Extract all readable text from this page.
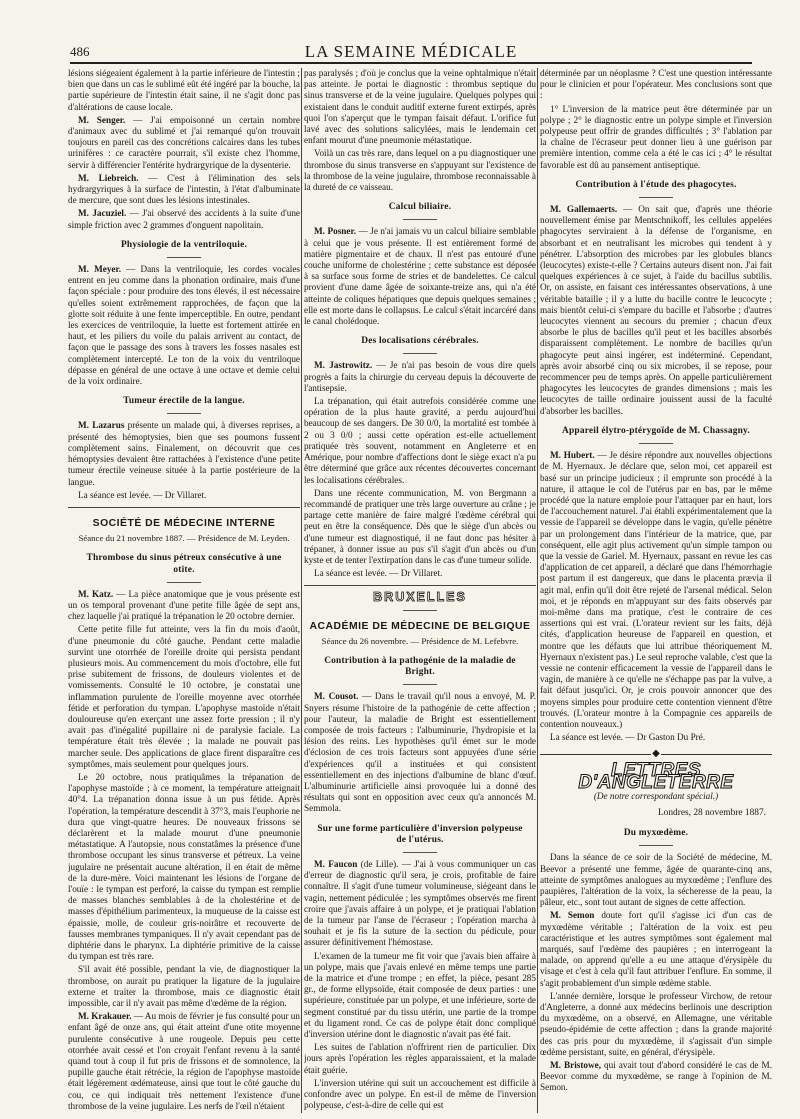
486	LA SEMAINE MÉDICALE

lésions siégeaient également à la partie inférieure de l'intestin ; bien que dans un cas le sublimé eût été ingéré par la bouche, la partie supérieure de l'intestin était saine, il ne s'agit donc pas d'altérations de cause locale.

M. Senger. — J'ai empoisonné un certain nombre d'animaux avec du sublimé et j'ai remarqué qu'on trouvait toujours en pareil cas des concrétions calcaires dans les tubes urinifères : ce caractère pourrait, s'il existe chez l'homme, servir à différencier l'entérite hydrargyrique de la dysenterie.

M. Liebreich. — C'est à l'élimination des sels hydrargyriques à la surface de l'intestin, à l'état d'albuminate de mercure, que sont dues les lésions intestinales.

M. Jacuziel. — J'ai observé des accidents à la suite d'une simple friction avec 2 grammes d'onguent napolitain.

Physiologie de la ventriloquie.

M. Meyer. — Dans la ventriloquie, les cordes vocales entrent en jeu comme dans la phonation ordinaire, mais d'une façon spéciale : pour produire des tons élevés, il est nécessaire qu'elles soient extrêmement rapprochées, de façon que la glotte soit réduite à une fente imperceptible. En outre, pendant les exercices de ventriloquie, la luette est fortement attirée en haut, et les piliers du voile du palais arrivent au contact, de façon que le passage des sons à travers les fosses nasales est complètement intercepté. Le ton de la voix du ventriloque dépasse en général de une octave à une octave et demie celui de la voix ordinaire.

Tumeur érectile de la langue.

M. Lazarus présente un malade qui, à diverses reprises, a présenté des hémoptysies, bien que ses poumons fussent complètement sains. Finalement, on découvrit que ces hémoptysies devaient être rattachées à l'existence d'une petite tumeur érectile veineuse située à la partie postérieure de la langue.

La séance est levée. — Dr Villaret.

SOCIÉTÉ DE MÉDECINE INTERNE
Séance du 21 novembre 1887. — Présidence de M. Leyden.
Thrombose du sinus pétreux consécutive à une otite.

M. Katz. — La pièce anatomique que je vous présente est un os temporal provenant d'une petite fille âgée de sept ans, chez laquelle j'ai pratiqué la trépanation le 20 octobre dernier.

Cette petite fille fut atteinte, vers la fin du mois d'août, d'une pneumonie du côté gauche. Pendant cette maladie survint une otorrhée de l'oreille droite qui persista pendant plusieurs mois. Au commencement du mois d'octobre, elle fut prise subitement de frissons, de douleurs violentes et de vomissements. Consulté le 10 octobre, je constatai une inflammation purulente de l'oreille moyenne avec otorrhée fétide et perforation du tympan. L'apophyse mastoïde n'était douloureuse qu'en exerçant une assez forte pression ; il n'y avait pas d'inégalité pupillaire ni de paralysie faciale. La température était très élevée ; la malade ne pouvait pas marcher seule. Des applications de glace firent disparaître ces symptômes, mais seulement pour quelques jours.

Le 20 octobre, nous pratiquâmes la trépanation de l'apophyse mastoïde ; à ce moment, la température atteignait 40°4. La trépanation donna issue à un pus fétide. Après l'opération, la température descendit à 37°3, mais l'euphorie ne dura que vingt-quatre heures. De nouveaux frissons se déclarèrent et la malade mourut d'une pneumonie métastatique. A l'autopsie, nous constatâmes la présence d'une thrombose occupant les sinus transverse et pétreux. La veine jugulaire ne présentait aucune altération, il en était de même de la dure-mère. Voici maintenant les lésions de l'organe de l'ouïe : le tympan est perforé, la caisse du tympan est remplie de masses blanches semblables à de la cholestérine et de masses d'épithélium parimenteux, la muqueuse de la caisse est épaissie, molle, de couleur gris-noirâtre et recouverte de fausses membranes tympaniques. Il n'y avait cependant pas de diphtérie dans le pharynx. La diphtérie primitive de la caisse du tympan est très rare.

S'il avait été possible, pendant la vie, de diagnostiquer la thrombose, on aurait pu pratiquer la ligature de la jugulaire externe et traiter la thrombose, mais ce diagnostic était impossible, car il n'y avait pas même d'œdème de la région.

M. Krakauer. — Au mois de février je fus consulté pour un enfant âgé de onze ans, qui était atteint d'une otite moyenne purulente consécutive à une rougeole. Depuis peu cette otorrhée avait cessé et l'on croyait l'enfant revenu à la santé quand tout à coup il fut pris de frissons et de somnolence, la pupille gauche était rétrécie, la région de l'apophyse mastoïde était légèrement œdémateuse, ainsi que tout le côté gauche du cou, ce qui indiquait très nettement l'existence d'une thrombose de la veine jugulaire. Les nerfs de l'œil n'étaient

pas paralysés ; d'où je conclus que la veine ophtalmique n'était pas atteinte. Je portai le diagnostic : thrombus septique du sinus transverse et de la veine jugulaire. Quelques polypes qui existaient dans le conduit auditif externe furent extirpés, après quoi l'on s'aperçut que le tympan faisait défaut. L'orifice fut lavé avec des solutions salicylées, mais le lendemain cet enfant mourut d'une pneumonie métastatique.

Voilà un cas très rare, dans lequel on a pu diagnostiquer une thrombose du sinus transverse en s'appuyant sur l'existence de la thrombose de la veine jugulaire, thrombose reconnaissable à la dureté de ce vaisseau.

Calcul biliaire.

M. Posner. — Je n'ai jamais vu un calcul biliaire semblable à celui que je vous présente. Il est entièrement formé de matière pigmentaire et de chaux. Il n'est pas entouré d'une couche uniforme de cholestérine ; cette substance est déposée à sa surface sous forme de stries et de bandelettes. Ce calcul provient d'une dame âgée de soixante-treize ans, qui n'a été atteinte de coliques hépatiques que depuis quelques semaines ; elle est morte dans le collapsus. Le calcul s'était incarcéré dans le canal cholédoque.

Des localisations cérébrales.

M. Jastrowitz. — Je n'ai pas besoin de vous dire quels progrès a faits la chirurgie du cerveau depuis la découverte de l'antisepsie.

La trépanation, qui était autrefois considérée comme une opération de la plus haute gravité, a perdu aujourd'hui beaucoup de ses dangers. De 30 0/0, la mortalité est tombée à 2 ou 3 0/0 ; aussi cette opération est-elle actuellement pratiquée très souvent, notamment en Angleterre et en Amérique, pour nombre d'affections dont le siège exact n'a pu être déterminé que grâce aux récentes découvertes concernant les localisations cérébrales.

Dans une récente communication, M. von Bergmann a recommandé de pratiquer une très large ouverture au crâne ; je partage cette manière de faire malgré l'œdème cérébral qui peut en être la conséquence. Dès que le siège d'un abcès ou d'une tumeur est diagnostiqué, il ne faut donc pas hésiter à trépaner, à donner issue au pus s'il s'agit d'un abcès ou d'un kyste et de tenter l'extirpation dans le cas d'une tumeur solide.

La séance est levée. — Dr Villaret.

BRUXELLES
ACADÉMIE DE MÉDECINE DE BELGIQUE
Séance du 26 novembre. — Présidence de M. Lefebvre.
Contribution à la pathogénie de la maladie de Bright.

M. Cousot. — Dans le travail qu'il nous a envoyé, M. P. Snyers résume l'histoire de la pathogénie de cette affection ; pour l'auteur, la maladie de Bright est essentiellement composée de trois facteurs : l'albuminurie, l'hydropisie et la lésion des reins. Les hypothèses qu'il émet sur le mode d'éclosion de ces trois facteurs sont appuyées d'une série d'expériences qu'il a instituées et qui consistent essentiellement en des injections d'albumine de blanc d'œuf. L'albuminurie artificielle ainsi provoquée lui a donné des résultats qui sont en opposition avec ceux qu'a annoncés M. Semmola.

Sur une forme particulière d'inversion polypeuse de l'utérus.

M. Faucon (de Lille). — J'ai à vous communiquer un cas d'erreur de diagnostic qu'il sera, je crois, profitable de faire connaître. Il s'agit d'une tumeur volumineuse, siégeant dans le vagin, nettement pédiculée ; les symptômes observés me firent croire que j'avais affaire à un polype, et je pratiquai l'ablation de la tumeur par l'anse de l'écraseur ; l'opération marcha à souhait et je fis la suture de la section du pédicule, pour assurer définitivement l'hémostase.

L'examen de la tumeur me fit voir que j'avais bien affaire à un polype, mais que j'avais enlevé en même temps une partie de la matrice et d'une trompe ; en effet, la pièce, pesant 285 gr., de forme ellypsoïde, était composée de deux parties : une supérieure, constituée par un polype, et une inférieure, sorte de segment constitué par du tissu utérin, une partie de la trompe et du ligament rond. Ce cas de polype était donc compliqué d'inversion utérine dont le diagnostic n'avait pas été fait.

Les suites de l'ablation n'offrirent rien de particulier. Dix jours après l'opération les règles apparaissaient, et la malade était guérie.

L'inversion utérine qui suit un accouchement est difficile à confondre avec un polype. En est-il de même de l'inversion polypeuse, c'est-à-dire de celle qui est

déterminée par un néoplasme ? C'est une question intéressante pour le clinicien et pour l'opérateur. Mes conclusions sont que :

1° L'inversion de la matrice peut être déterminée par un polype ; 2° le diagnostic entre un polype simple et l'inversion polypeuse peut offrir de grandes difficultés ; 3° l'ablation par la chaîne de l'écraseur peut donner lieu à une guérison par première intention, comme cela a été le cas ici ; 4° le résultat favorable est dû au pansement antiseptique.

Contribution à l'étude des phagocytes.

M. Gallemaerts. — On sait que, d'après une théorie nouvellement émise par Mentschnikoff, les cellules appelées phagocytes serviraient à la défense de l'organisme, en absorbant et en neutralisant les microbes qui tendent à y pénétrer. L'absorption des microbes par les globules blancs (leucocytes) existe-t-elle ? Certains auteurs disent non. J'ai fait quelques expériences à ce sujet, à l'aide du bacillus subtilis. Or, on assiste, en faisant ces intéressantes observations, à une véritable bataille ; il y a lutte du bacille contre le leucocyte ; mais bientôt celui-ci s'empare du bacille et l'absorbe ; d'autres leucocytes viennent au secours du premier ; chacun d'eux absorbe le plus de bacilles qu'il peut et les bacilles absorbés disparaissent complètement. Le nombre de bacilles qu'un phagocyte peut ainsi ingérer, est indéterminé. Cependant, après avoir absorbé cinq ou six microbes, il se repose, pour recommencer peu de temps après. On appelle particulièrement phagocytes les leucocytes de grandes dimensions ; mais les leucocytes de taille ordinaire jouissent aussi de la faculté d'absorber les bacilles.

Appareil élytro-ptérygoïde de M. Chassagny.

M. Hubert. — Je désire répondre aux nouvelles objections de M. Hyernaux. Je déclare que, selon moi, cet appareil est basé sur un principe judicieux ; il emprunte son procédé à la nature, il attaque le col de l'utérus par en bas, par le même procédé que la nature emploie pour l'attaquer par en haut, lors de l'accouchement naturel. J'ai établi expérimentalement que la vessie de l'appareil se développe dans le vagin, qu'elle pénètre par un prolongement dans l'intérieur de la matrice, que, par conséquent, elle agit plus activement qu'un simple tampon ou que la vessie de Gariel. M. Hyernaux, passant en revue les cas d'application de cet appareil, a déclaré que dans l'hémorrhagie post partum il est dangereux, que dans le placenta prævia il agit mal, enfin qu'il doit être rejeté de l'arsenal médical. Selon moi, et je réponds en m'appuyant sur des faits observés par moi-même dans ma pratique, c'est le contraire de ces assertions qui est vrai. (L'orateur revient sur les faits, déjà cités, d'application heureuse de l'appareil en question, et montre que les défauts que lui attribue théoriquement M. Hyernaux n'existent pas.) Le seul reproche valable, c'est que la vessie ne contenir efficacement la vessie de l'appareil dans le vagin, de manière à ce qu'elle ne s'échappe pas par la vulve, a fait défaut jusqu'ici. Or, je crois pouvoir annoncer que des moyens simples pour produire cette contention viennent d'être trouvés. (L'orateur montre à la Compagnie ces appareils de contention nouveaux.)

La séance est levée. — Dr Gaston Du Pré.

◆
LETTRES D'ANGLETERRE
(De notre correspondant spécial.)
Londres, 28 novembre 1887.
Du myxœdème.

Dans la séance de ce soir de la Société de médecine, M. Beevor a présenté une femme, âgée de quarante-cinq ans, atteinte de symptômes analogues au myxœdème ; l'enflure des paupières, l'altération de la voix, la sécheresse de la peau, la pâleur, etc., sont tout autant de signes de cette affection.

M. Semon doute fort qu'il s'agisse ici d'un cas de myxœdème véritable ; l'altération de la voix est peu caractéristique et les autres symptômes sont également mal marqués, sauf l'œdème des paupières ; en interrogeant la malade, on apprend qu'elle a eu une attaque d'érysipèle du visage et c'est à cela qu'il faut attribuer l'enflure. En somme, il s'agit probablement d'un simple œdème stable.

L'année dernière, lorsque le professeur Virchow, de retour d'Angleterre, a donné aux médecins berlinois une description du myxœdème, on a observé, en Allemagne, une véritable pseudo-épidémie de cette affection ; dans la grande majorité des cas pris pour du myxœdème, il s'agissait d'un simple œdème persistant, suite, en général, d'érysipèle.

M. Bristowe, qui avait tout d'abord considéré le cas de M. Beevor comme du myxœdème, se range à l'opinion de M. Semon.
